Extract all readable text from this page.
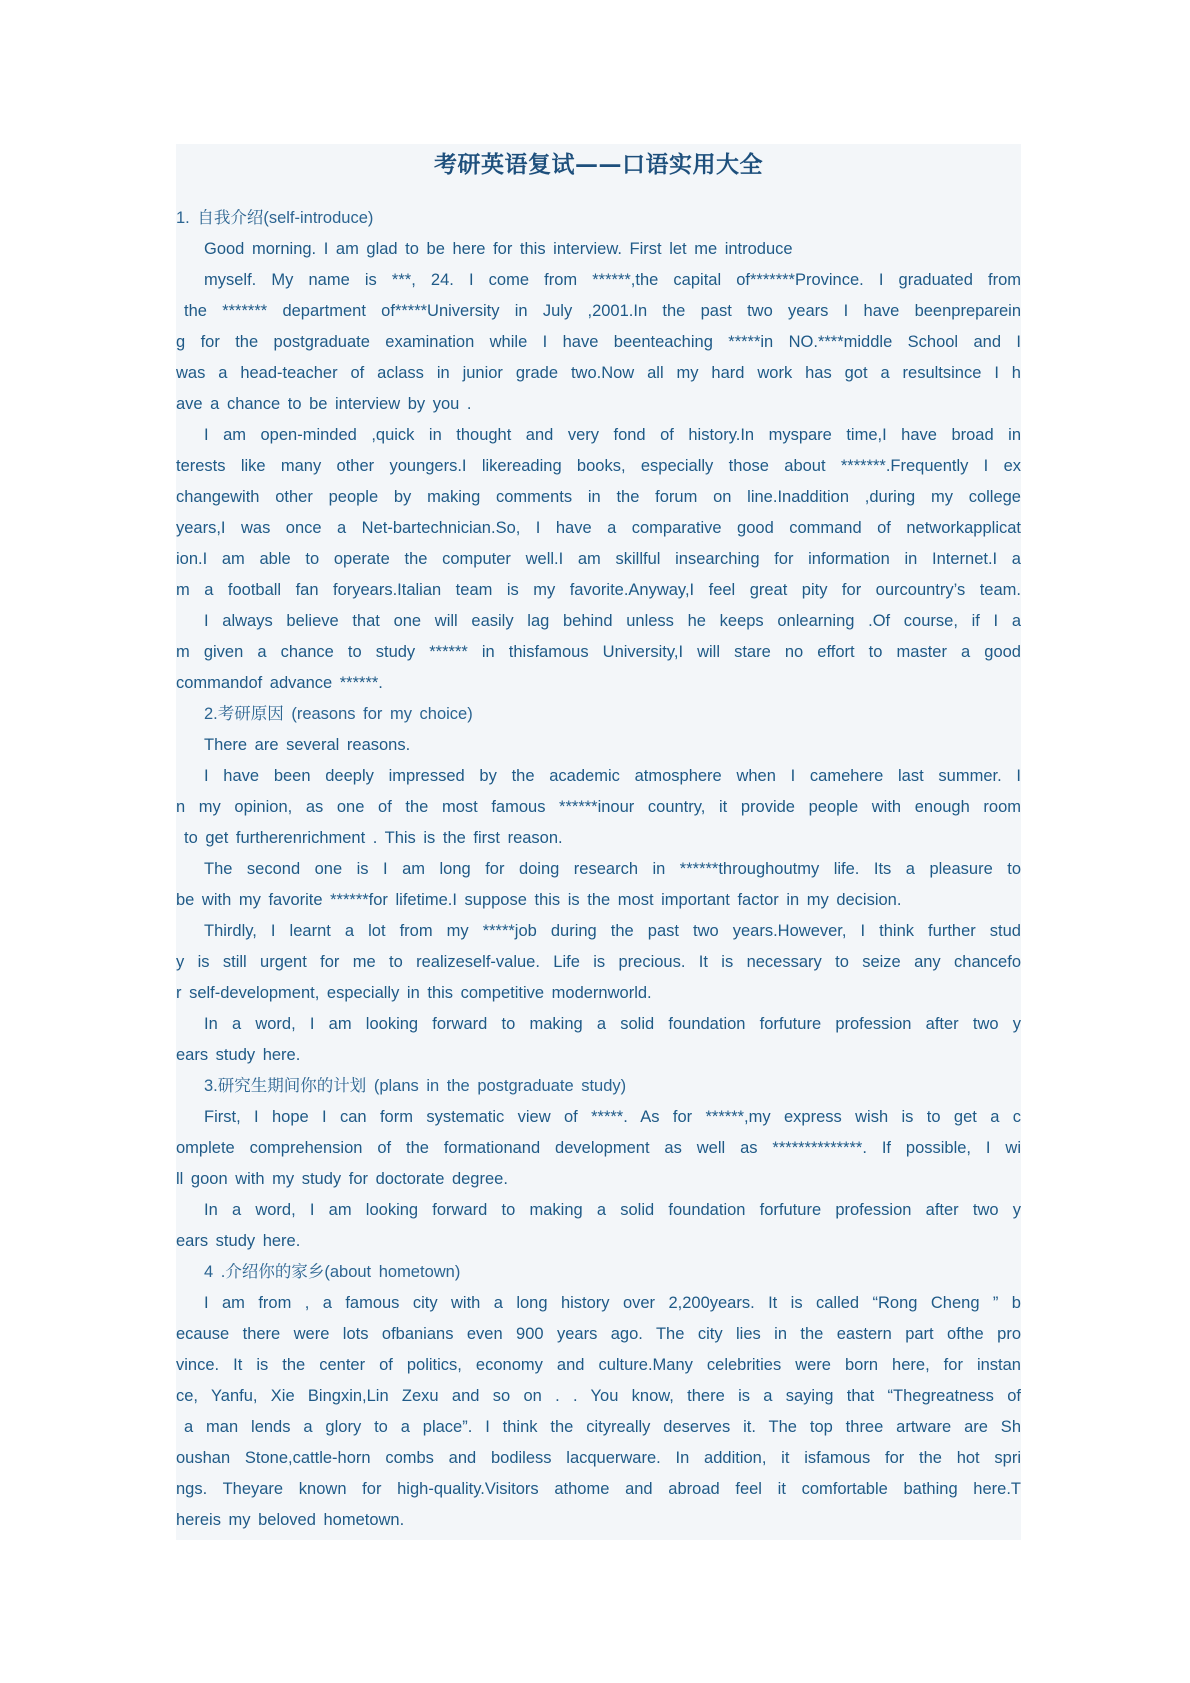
考研英语复试——口语实用大全
1. 自我介绍(self-introduce)
Good morning. I am glad to be here for this interview. First let me introduce
myself. My name is ***, 24. I come from ******,the capital of*******Province. I graduated from
the ******* department of*****University in July ,2001.In the past two years I have beenpreparein
g for the postgraduate examination while I have beenteaching *****in NO.****middle School and I
was a head-teacher of aclass in junior grade two.Now all my hard work has got a resultsince I h
ave a chance to be interview by you .
I am open-minded ,quick in thought and very fond of history.In myspare time,I have broad in
terests like many other youngers.I likereading books, especially those about *******.Frequently I ex
changewith other people by making comments in the forum on line.Inaddition ,during my college
years,I was once a Net-bartechnician.So, I have a comparative good command of networkapplicat
ion.I am able to operate the computer well.I am skillful insearching for information in Internet.I a
m a football fan foryears.Italian team is my favorite.Anyway,I feel great pity for ourcountry’s team.
I always believe that one will easily lag behind unless he keeps onlearning .Of course, if I a
m given a chance to study ****** in thisfamous University,I will stare no effort to master a good
commandof advance ******.
2.考研原因 (reasons for my choice)
There are several reasons.
I have been deeply impressed by the academic atmosphere when I camehere last summer. I
n my opinion, as one of the most famous ******inour country, it provide people with enough room
to get furtherenrichment . This is the first reason.
The second one is I am long for doing research in ******throughoutmy life. Its a pleasure to
be with my favorite ******for lifetime.I suppose this is the most important factor in my decision.
Thirdly, I learnt a lot from my *****job during the past two years.However, I think further stud
y is still urgent for me to realizeself-value. Life is precious. It is necessary to seize any chancefo
r self-development, especially in this competitive modernworld.
In a word, I am looking forward to making a solid foundation forfuture profession after two y
ears study here.
3.研究生期间你的计划 (plans in the postgraduate study)
First, I hope I can form systematic view of *****. As for ******,my express wish is to get a c
omplete comprehension of the formationand development as well as **************. If possible, I wi
ll goon with my study for doctorate degree.
In a word, I am looking forward to making a solid foundation forfuture profession after two y
ears study here.
4 .介绍你的家乡(about hometown)
I am from , a famous city with a long history over 2,200years. It is called “Rong Cheng ” b
ecause there were lots ofbanians even 900 years ago. The city lies in the eastern part ofthe pro
vince. It is the center of politics, economy and culture.Many celebrities were born here, for instan
ce, Yanfu, Xie Bingxin,Lin Zexu and so on . . You know, there is a saying that “Thegreatness of
a man lends a glory to a place”. I think the cityreally deserves it. The top three artware are Sh
oushan Stone,cattle-horn combs and bodiless lacquerware. In addition, it isfamous for the hot spri
ngs. Theyare known for high-quality.Visitors athome and abroad feel it comfortable bathing here.T
hereis my beloved hometown.
